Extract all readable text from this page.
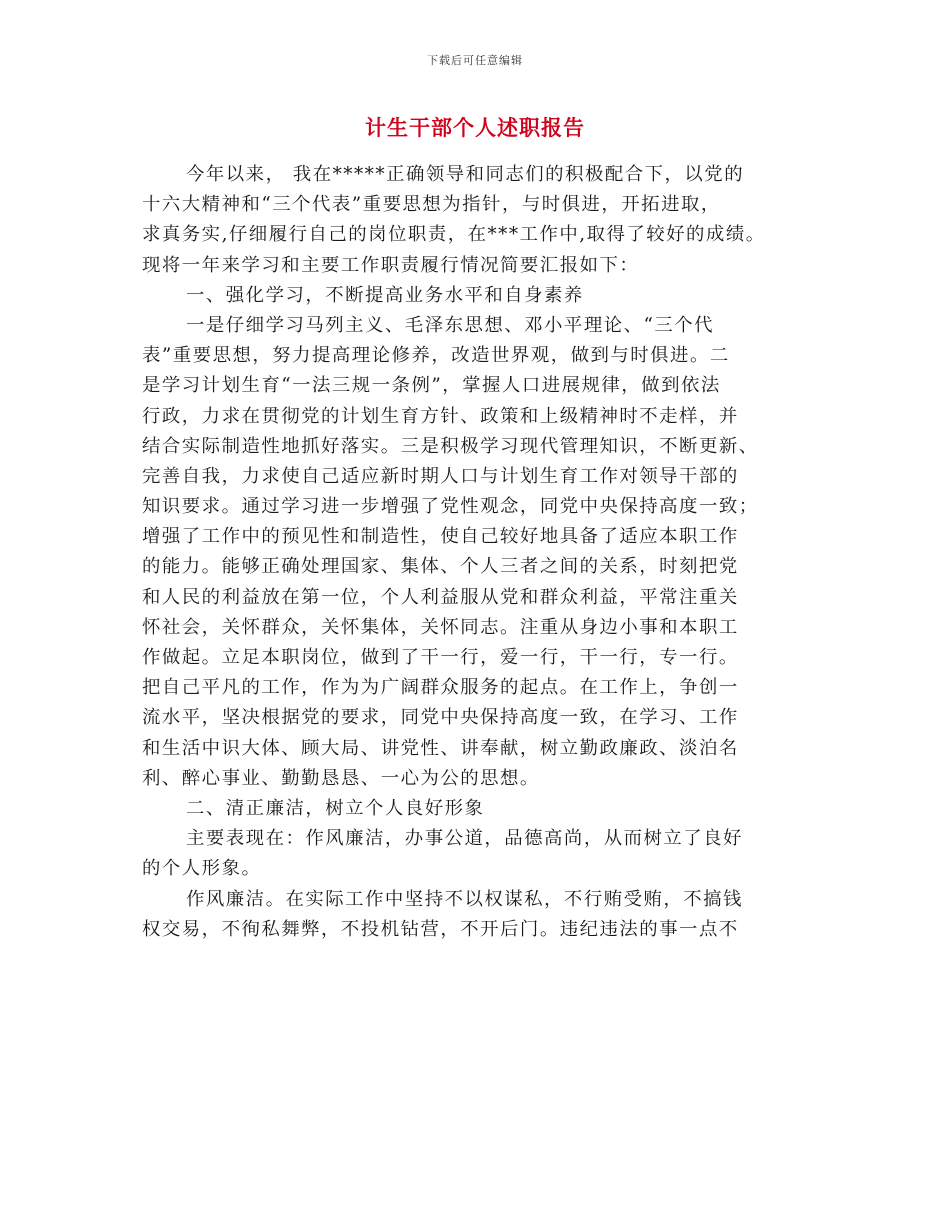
下载后可任意编辑
计生干部个人述职报告
今年以来， 我在*****正确领导和同志们的积极配合下，以党的
十六大精神和“三个代表”重要思想为指针，与时俱进，开拓进取，
求真务实,仔细履行自己的岗位职责，在***工作中,取得了较好的成绩。
现将一年来学习和主要工作职责履行情况简要汇报如下：
一、强化学习，不断提高业务水平和自身素养
一是仔细学习马列主义、毛泽东思想、邓小平理论、“三个代
表”重要思想，努力提高理论修养，改造世界观，做到与时俱进。二
是学习计划生育“一法三规一条例”，掌握人口进展规律，做到依法
行政，力求在贯彻党的计划生育方针、政策和上级精神时不走样，并
结合实际制造性地抓好落实。三是积极学习现代管理知识，不断更新、
完善自我，力求使自己适应新时期人口与计划生育工作对领导干部的
知识要求。通过学习进一步增强了党性观念，同党中央保持高度一致；
增强了工作中的预见性和制造性，使自己较好地具备了适应本职工作
的能力。能够正确处理国家、集体、个人三者之间的关系，时刻把党
和人民的利益放在第一位，个人利益服从党和群众利益，平常注重关
怀社会，关怀群众，关怀集体，关怀同志。注重从身边小事和本职工
作做起。立足本职岗位，做到了干一行，爱一行，干一行，专一行。
把自己平凡的工作，作为为广阔群众服务的起点。在工作上，争创一
流水平，坚决根据党的要求，同党中央保持高度一致，在学习、工作
和生活中识大体、顾大局、讲党性、讲奉献，树立勤政廉政、淡泊名
利、醉心事业、勤勤恳恳、一心为公的思想。
二、清正廉洁，树立个人良好形象
主要表现在：作风廉洁，办事公道，品德高尚，从而树立了良好
的个人形象。
作风廉洁。在实际工作中坚持不以权谋私，不行贿受贿，不搞钱
权交易，不徇私舞弊，不投机钻营，不开后门。违纪违法的事一点不
